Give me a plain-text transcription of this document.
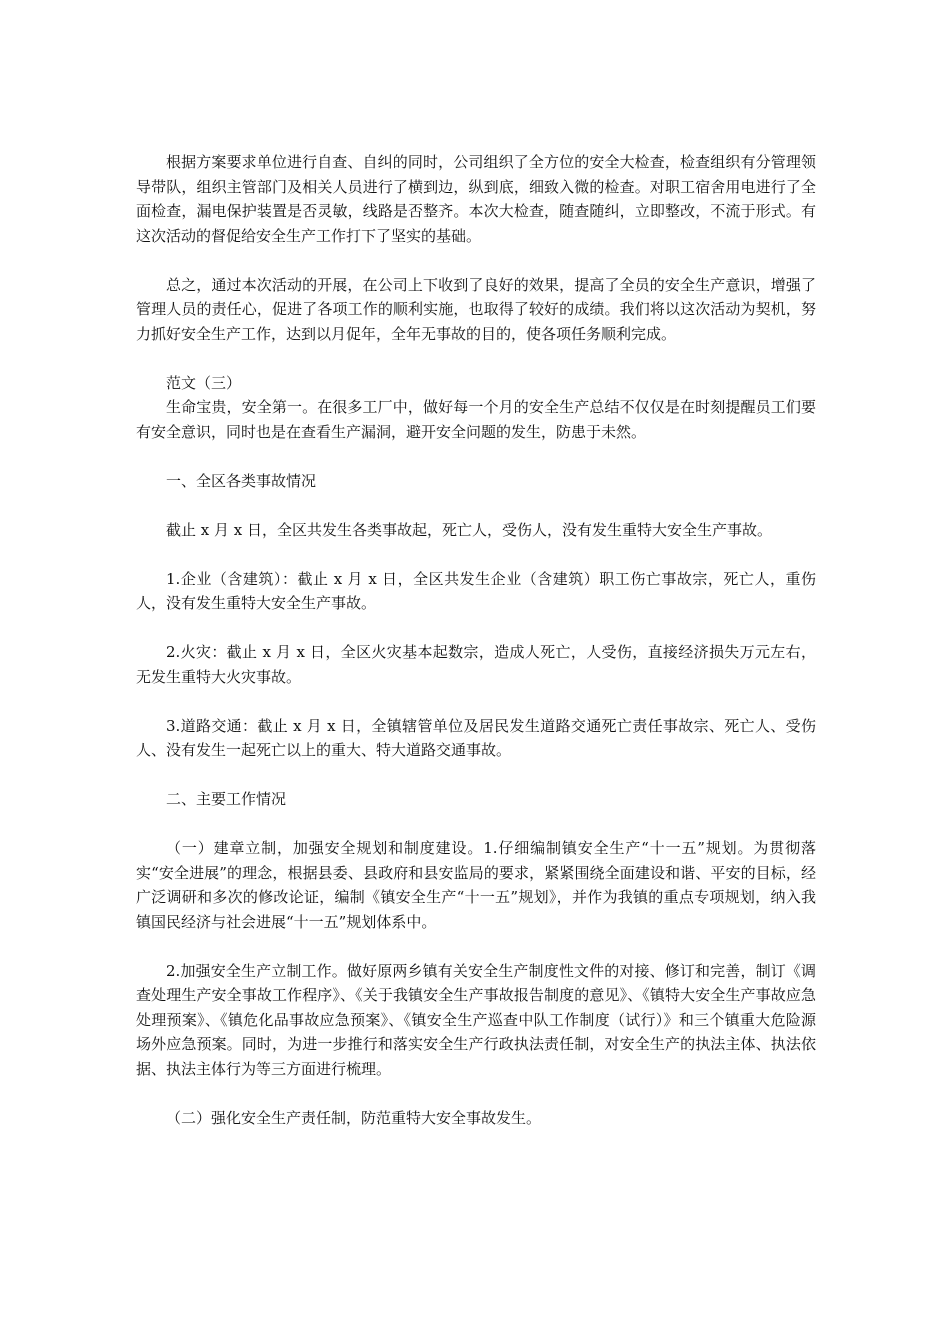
根据方案要求单位进行自查、自纠的同时，公司组织了全方位的安全大检查，检查组织有分管理领导带队，组织主管部门及相关人员进行了横到边，纵到底，细致入微的检查。对职工宿舍用电进行了全面检查，漏电保护装置是否灵敏，线路是否整齐。本次大检查，随查随纠，立即整改，不流于形式。有这次活动的督促给安全生产工作打下了坚实的基础。

总之，通过本次活动的开展，在公司上下收到了良好的效果，提高了全员的安全生产意识，增强了管理人员的责任心，促进了各项工作的顺利实施，也取得了较好的成绩。我们将以这次活动为契机，努力抓好安全生产工作，达到以月促年，全年无事故的目的，使各项任务顺利完成。

范文（三）

生命宝贵，安全第一。在很多工厂中，做好每一个月的安全生产总结不仅仅是在时刻提醒员工们要有安全意识，同时也是在查看生产漏洞，避开安全问题的发生，防患于未然。

一、全区各类事故情况

截止 x 月 x 日，全区共发生各类事故起，死亡人，受伤人，没有发生重特大安全生产事故。

1.企业（含建筑）：截止 x 月 x 日，全区共发生企业（含建筑）职工伤亡事故宗，死亡人，重伤人，没有发生重特大安全生产事故。

2.火灾：截止 x 月 x 日，全区火灾基本起数宗，造成人死亡，人受伤，直接经济损失万元左右，无发生重特大火灾事故。

3.道路交通：截止 x 月 x 日，全镇辖管单位及居民发生道路交通死亡责任事故宗、死亡人、受伤人、没有发生一起死亡以上的重大、特大道路交通事故。

二、主要工作情况

（一）建章立制，加强安全规划和制度建设。1.仔细编制镇安全生产“十一五”规划。为贯彻落实“安全进展”的理念，根据县委、县政府和县安监局的要求，紧紧围绕全面建设和谐、平安的目标，经广泛调研和多次的修改论证，编制《镇安全生产“十一五”规划》，并作为我镇的重点专项规划，纳入我镇国民经济与社会进展“十一五”规划体系中。

2.加强安全生产立制工作。做好原两乡镇有关安全生产制度性文件的对接、修订和完善，制订《调查处理生产安全事故工作程序》、《关于我镇安全生产事故报告制度的意见》、《镇特大安全生产事故应急处理预案》、《镇危化品事故应急预案》、《镇安全生产巡查中队工作制度（试行）》和三个镇重大危险源场外应急预案。同时，为进一步推行和落实安全生产行政执法责任制，对安全生产的执法主体、执法依据、执法主体行为等三方面进行梳理。

（二）强化安全生产责任制，防范重特大安全事故发生。
